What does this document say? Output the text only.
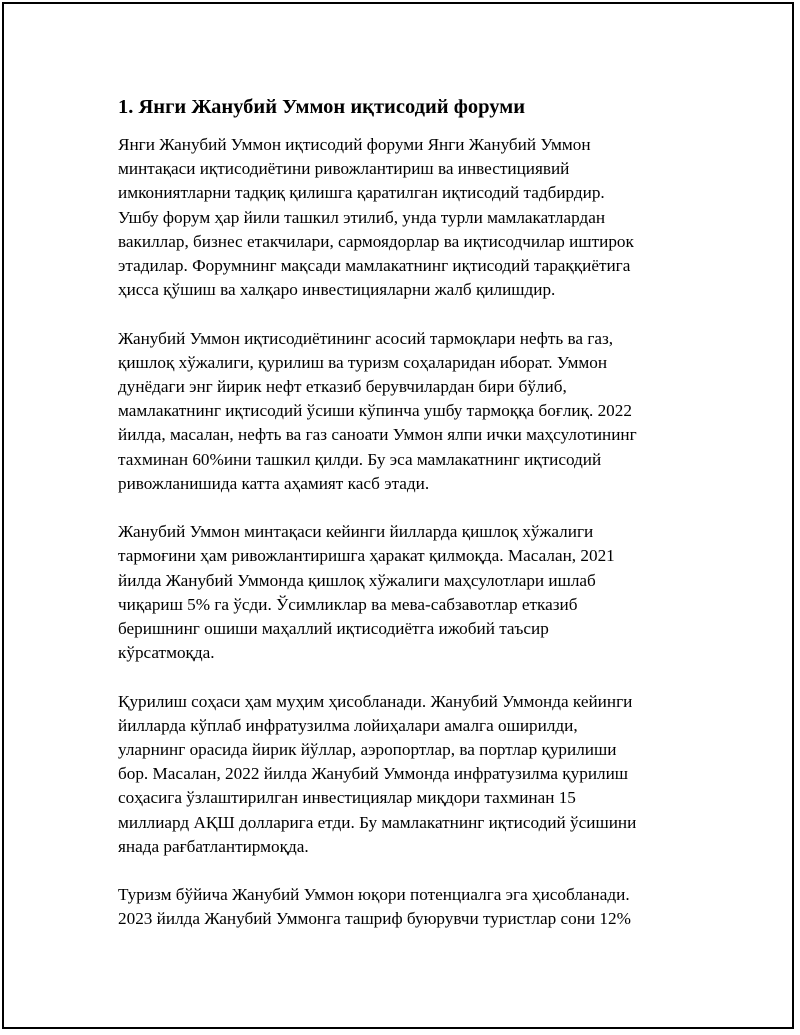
1. Янги Жанубий Уммон иқтисодий форуми

Янги Жанубий Уммон иқтисодий форуми Янги Жанубий Уммон
минтақаси иқтисодиётини ривожлантириш ва инвестициявий
имкониятларни тадқиқ қилишга қаратилган иқтисодий тадбирдир.
Ушбу форум ҳар йили ташкил этилиб, унда турли мамлакатлардан
вакиллар, бизнес етакчилари, сармоядорлар ва иқтисодчилар иштирок
этадилар. Форумнинг мақсади мамлакатнинг иқтисодий тараққиётига
ҳисса қўшиш ва халқаро инвестицияларни жалб қилишдир.

Жанубий Уммон иқтисодиётининг асосий тармоқлари нефть ва газ,
қишлоқ хўжалиги, қурилиш ва туризм соҳаларидан иборат. Уммон
дунёдаги энг йирик нефт етказиб берувчилардан бири бўлиб,
мамлакатнинг иқтисодий ўсиши кўпинча ушбу тармоққа боғлиқ. 2022
йилда, масалан, нефть ва газ саноати Уммон ялпи ички маҳсулотининг
тахминан 60%ини ташкил қилди. Бу эса мамлакатнинг иқтисодий
ривожланишида катта аҳамият касб этади.

Жанубий Уммон минтақаси кейинги йилларда қишлоқ хўжалиги
тармоғини ҳам ривожлантиришга ҳаракат қилмоқда. Масалан, 2021
йилда Жанубий Уммонда қишлоқ хўжалиги маҳсулотлари ишлаб
чиқариш 5% га ўсди. Ўсимликлар ва мева-сабзавотлар етказиб
беришнинг ошиши маҳаллий иқтисодиётга ижобий таъсир
кўрсатмоқда.

Қурилиш соҳаси ҳам муҳим ҳисобланади. Жанубий Уммонда кейинги
йилларда кўплаб инфратузилма лойиҳалари амалга оширилди,
уларнинг орасида йирик йўллар, аэропортлар, ва портлар қурилиши
бор. Масалан, 2022 йилда Жанубий Уммонда инфратузилма қурилиш
соҳасига ўзлаштирилган инвестициялар миқдори тахминан 15
миллиард АҚШ долларига етди. Бу мамлакатнинг иқтисодий ўсишини
янада рағбатлантирмоқда.

Туризм бўйича Жанубий Уммон юқори потенциалга эга ҳисобланади.
2023 йилда Жанубий Уммонга ташриф буюрувчи туристлар сони 12%
